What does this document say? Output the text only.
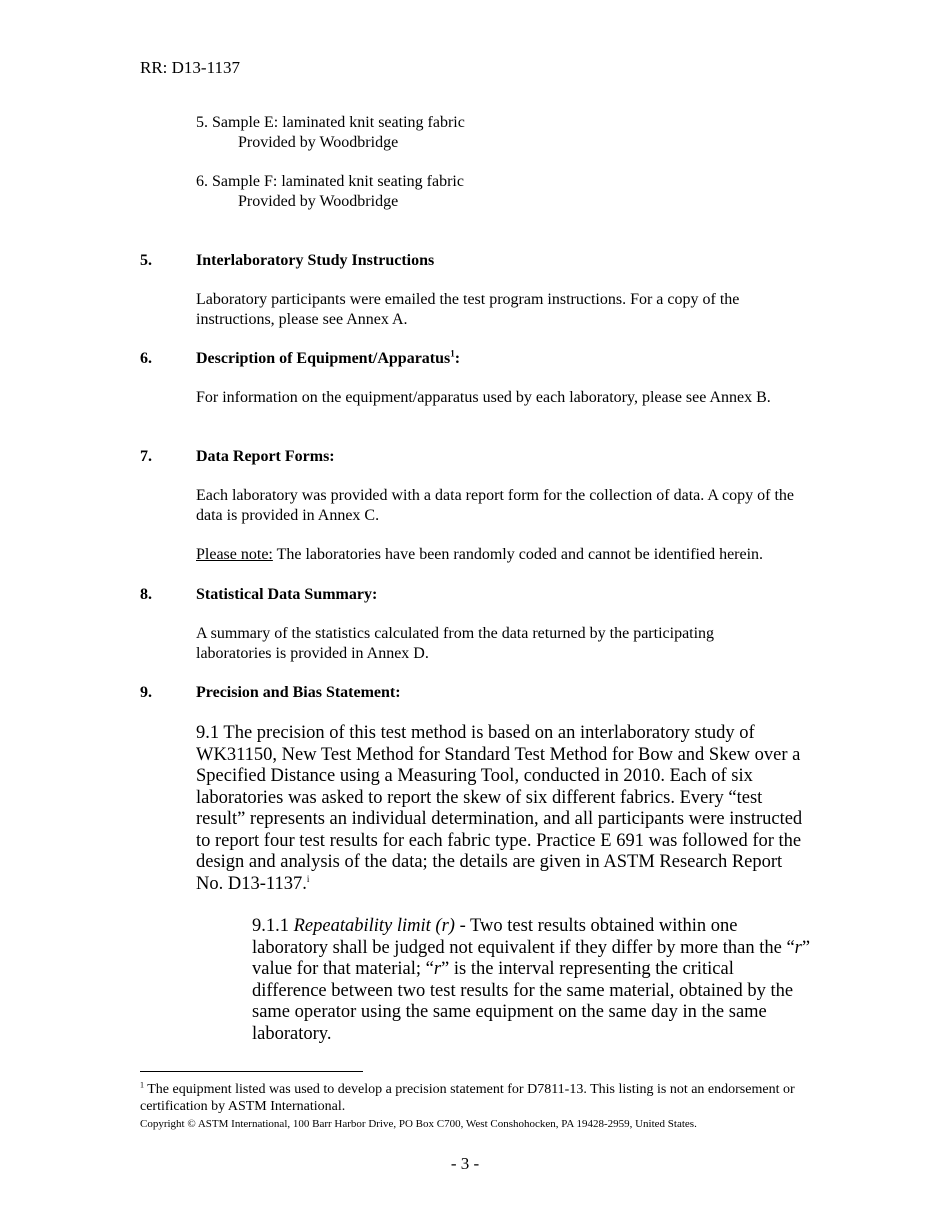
RR: D13-1137
5. Sample E: laminated knit seating fabric
Provided by Woodbridge
6. Sample F: laminated knit seating fabric
Provided by Woodbridge
5.	Interlaboratory Study Instructions
Laboratory participants were emailed the test program instructions. For a copy of the instructions, please see Annex A.
6.	Description of Equipment/Apparatus$^1$:
For information on the equipment/apparatus used by each laboratory, please see Annex B.
7.	Data Report Forms:
Each laboratory was provided with a data report form for the collection of data. A copy of the data is provided in Annex C.
Please note: The laboratories have been randomly coded and cannot be identified herein.
8.	Statistical Data Summary:
A summary of the statistics calculated from the data returned by the participating laboratories is provided in Annex D.
9.	Precision and Bias Statement:
9.1 The precision of this test method is based on an interlaboratory study of
WK31150, New Test Method for Standard Test Method for Bow and Skew over a
Specified Distance using a Measuring Tool, conducted in 2010. Each of six
laboratories was asked to report the skew of six different fabrics. Every “test
result” represents an individual determination, and all participants were instructed
to report four test results for each fabric type. Practice E 691 was followed for the
design and analysis of the data; the details are given in ASTM Research Report
No. D13-1137.$^i$
9.1.1 Repeatability limit (r) - Two test results obtained within one laboratory shall be judged not equivalent if they differ by more than the “r” value for that material; “r” is the interval representing the critical difference between two test results for the same material, obtained by the same operator using the same equipment on the same day in the same laboratory.
$^1$ The equipment listed was used to develop a precision statement for D7811-13. This listing is not an endorsement or certification by ASTM International.
Copyright © ASTM International, 100 Barr Harbor Drive, PO Box C700, West Conshohocken, PA 19428-2959, United States.
- 3 -
